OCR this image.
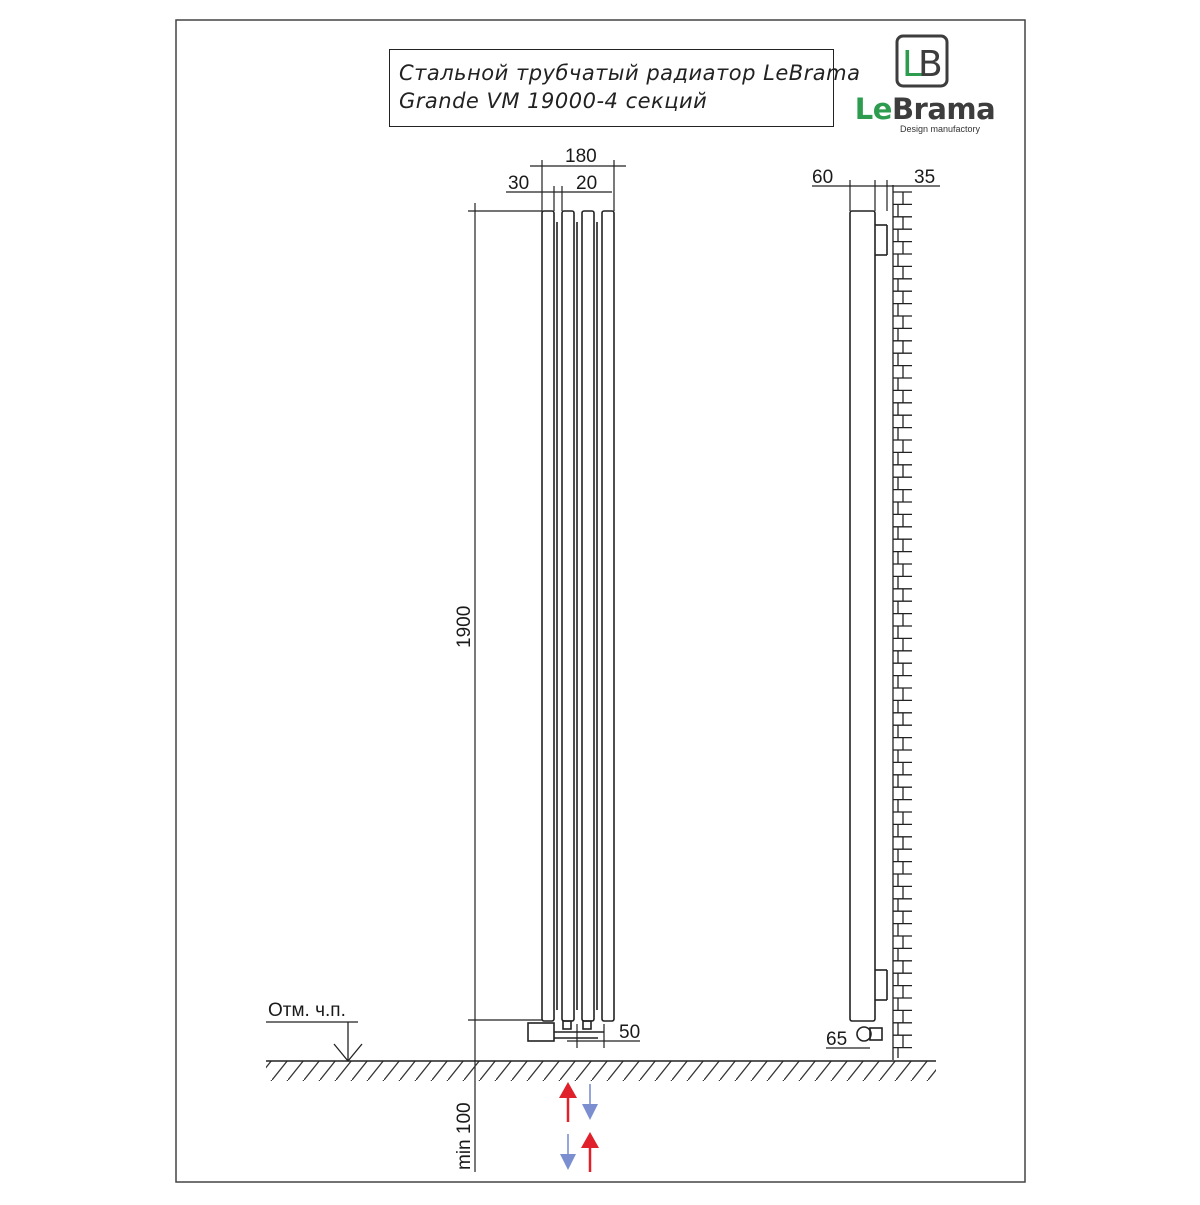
180
30 20
1900
50
60	35
65
min 100
Отм. ч.п.
Стальной трубчатый радиатор LeBrama
Grande VM 19000-4 секций
L
B
LeBrama
Design manufactory
